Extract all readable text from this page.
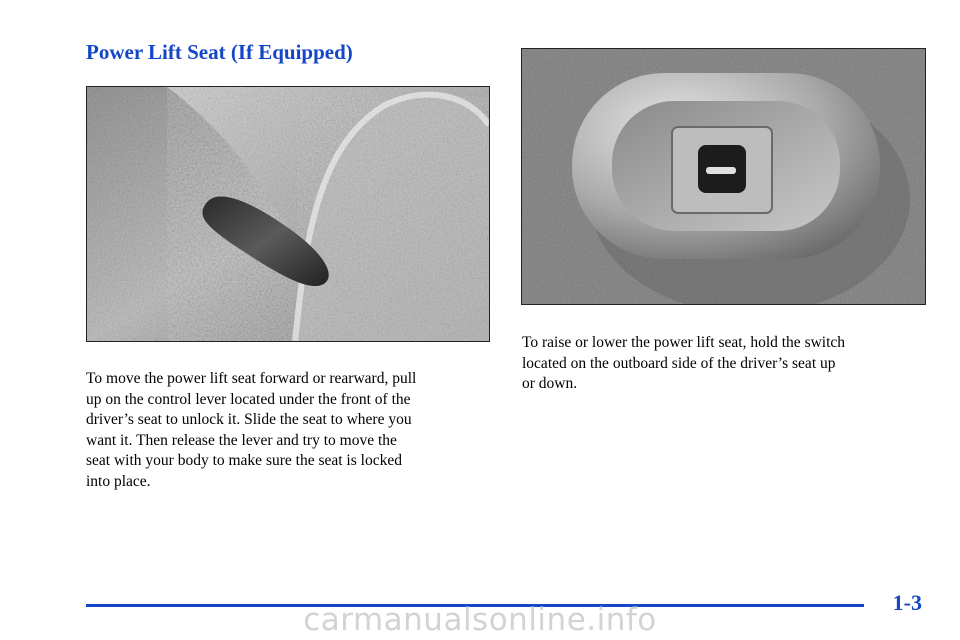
Power Lift Seat (If Equipped)
To move the power lift seat forward or rearward, pull
up on the control lever located under the front of the
driver’s seat to unlock it. Slide the seat to where you
want it. Then release the lever and try to move the
seat with your body to make sure the seat is locked
into place.
To raise or lower the power lift seat, hold the switch
located on the outboard side of the driver’s seat up
or down.
1-3
carmanualsonline.info
